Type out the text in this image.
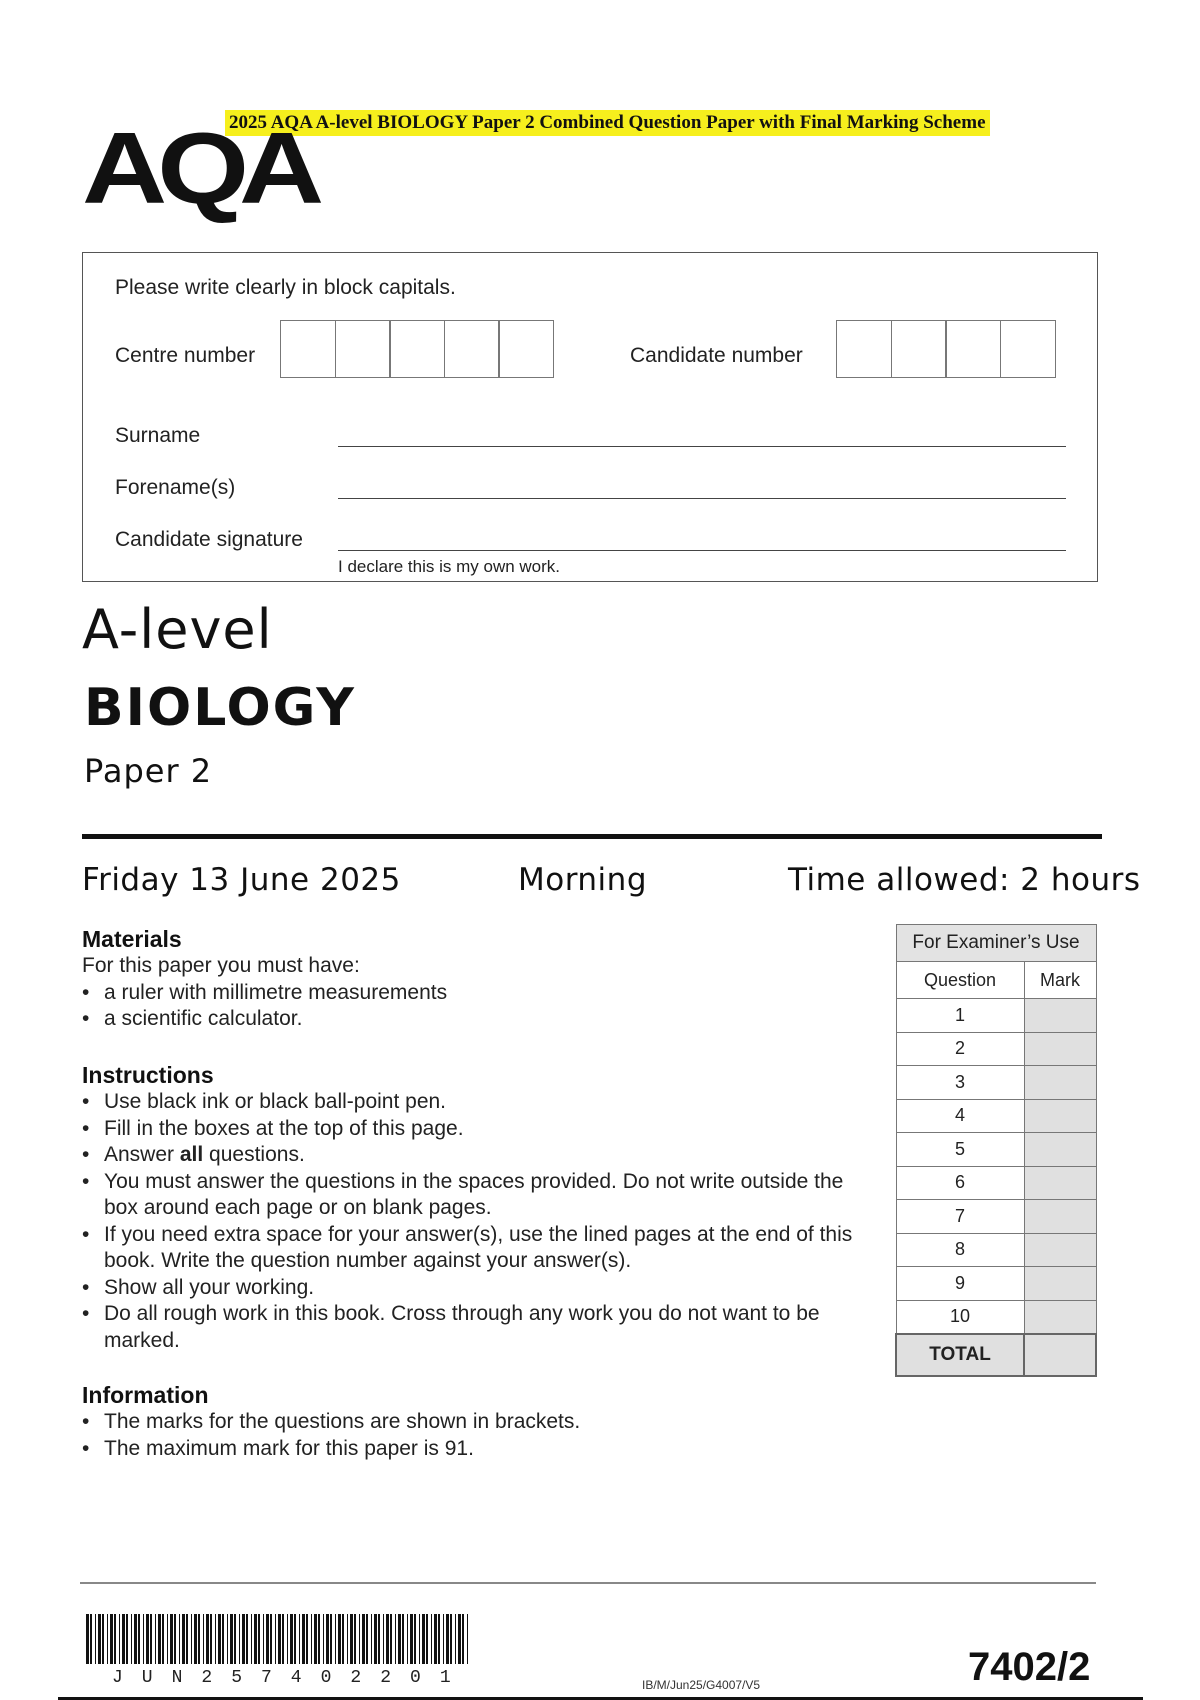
2025 AQA A-level BIOLOGY Paper 2 Combined Question Paper with Final Marking Scheme
AQA
Please write clearly in block capitals.
Centre number	Candidate number
Surname
Forename(s)
Candidate signature
I declare this is my own work.
A-level
BIOLOGY
Paper 2
Friday 13 June 2025	Morning	Time allowed: 2 hours
Materials
For this paper you must have:
• a ruler with millimetre measurements
• a scientific calculator.
Instructions
• Use black ink or black ball-point pen.
• Fill in the boxes at the top of this page.
• Answer all questions.
• You must answer the questions in the spaces provided. Do not write outside the box around each page or on blank pages.
• If you need extra space for your answer(s), use the lined pages at the end of this book. Write the question number against your answer(s).
• Show all your working.
• Do all rough work in this book. Cross through any work you do not want to be marked.
Information
• The marks for the questions are shown in brackets.
• The maximum mark for this paper is 91.
For Examiner’s Use	
Question	Mark
1	
2	
3	
4	
5	
6	
7	
8	
9	
10	
TOTAL	
JUN257402201	IB/M/Jun25/G4007/V5	7402/2
